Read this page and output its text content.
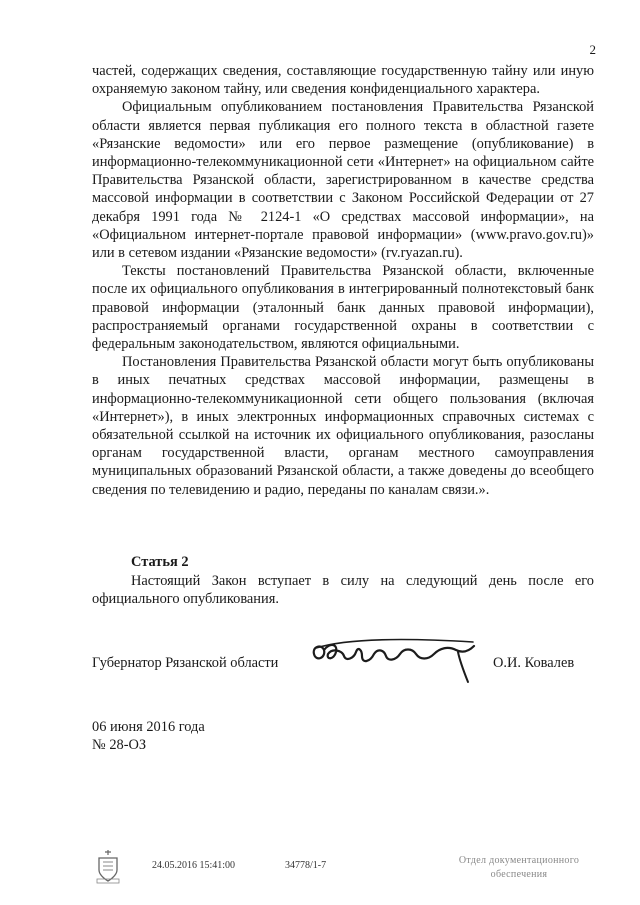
2

частей, содержащих сведения, составляющие государственную тайну или иную охраняемую законом тайну, или сведения конфиденциального характера.

Официальным опубликованием постановления Правительства Рязанской области является первая публикация его полного текста в областной газете «Рязанские ведомости» или его первое размещение (опубликование) в информационно-телекоммуникационной сети «Интернет» на официальном сайте Правительства Рязанской области, зарегистрированном в качестве средства массовой информации в соответствии с Законом Российской Федерации от 27 декабря 1991 года № 2124-1 «О средствах массовой информации», на «Официальном интернет-портале правовой информации» (www.pravo.gov.ru)» или в сетевом издании «Рязанские ведомости» (rv.ryazan.ru).

Тексты постановлений Правительства Рязанской области, включенные после их официального опубликования в интегрированный полнотекстовый банк правовой информации (эталонный банк данных правовой информации), распространяемый органами государственной охраны в соответствии с федеральным законодательством, являются официальными.

Постановления Правительства Рязанской области могут быть опубликованы в иных печатных средствах массовой информации, размещены в информационно-телекоммуникационной сети общего пользования (включая «Интернет»), в иных электронных информационных справочных системах с обязательной ссылкой на источник их официального опубликования, разосланы органам государственной власти, органам местного самоуправления муниципальных образований Рязанской области, а также доведены до всеобщего сведения по телевидению и радио, переданы по каналам связи.».

Статья 2

Настоящий Закон вступает в силу на следующий день после его официального опубликования.

Губернатор Рязанской области	О.И. Ковалев
06 июня 2016 года
№ 28-ОЗ
24.05.2016 15:41:00	34778/1-7	Отдел документационного
обеспечения
